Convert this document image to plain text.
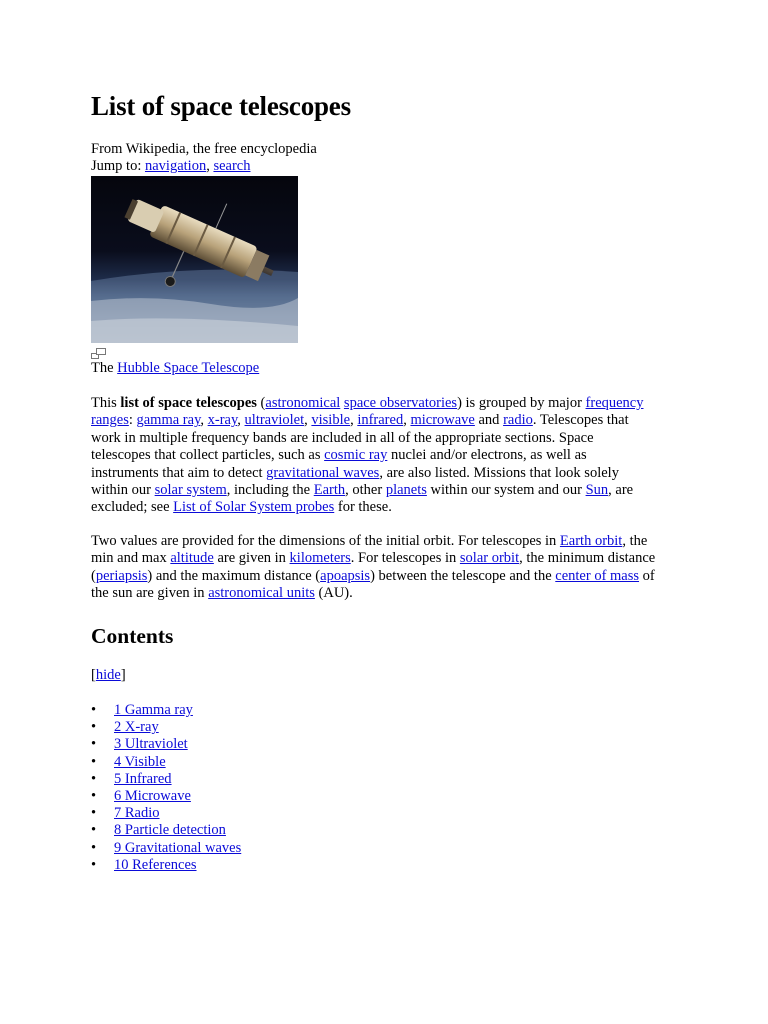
List of space telescopes
From Wikipedia, the free encyclopedia
Jump to: navigation, search
The Hubble Space Telescope
This list of space telescopes (astronomical space observatories) is grouped by major frequency
ranges: gamma ray, x-ray, ultraviolet, visible, infrared, microwave and radio. Telescopes that
work in multiple frequency bands are included in all of the appropriate sections. Space
telescopes that collect particles, such as cosmic ray nuclei and/or electrons, as well as
instruments that aim to detect gravitational waves, are also listed. Missions that look solely
within our solar system, including the Earth, other planets within our system and our Sun, are
excluded; see List of Solar System probes for these.
Two values are provided for the dimensions of the initial orbit. For telescopes in Earth orbit, the
min and max altitude are given in kilometers. For telescopes in solar orbit, the minimum distance
(periapsis) and the maximum distance (apoapsis) between the telescope and the center of mass of
the sun are given in astronomical units (AU).
Contents
[hide]
• 1 Gamma ray
• 2 X-ray
• 3 Ultraviolet
• 4 Visible
• 5 Infrared
• 6 Microwave
• 7 Radio
• 8 Particle detection
• 9 Gravitational waves
• 10 References
